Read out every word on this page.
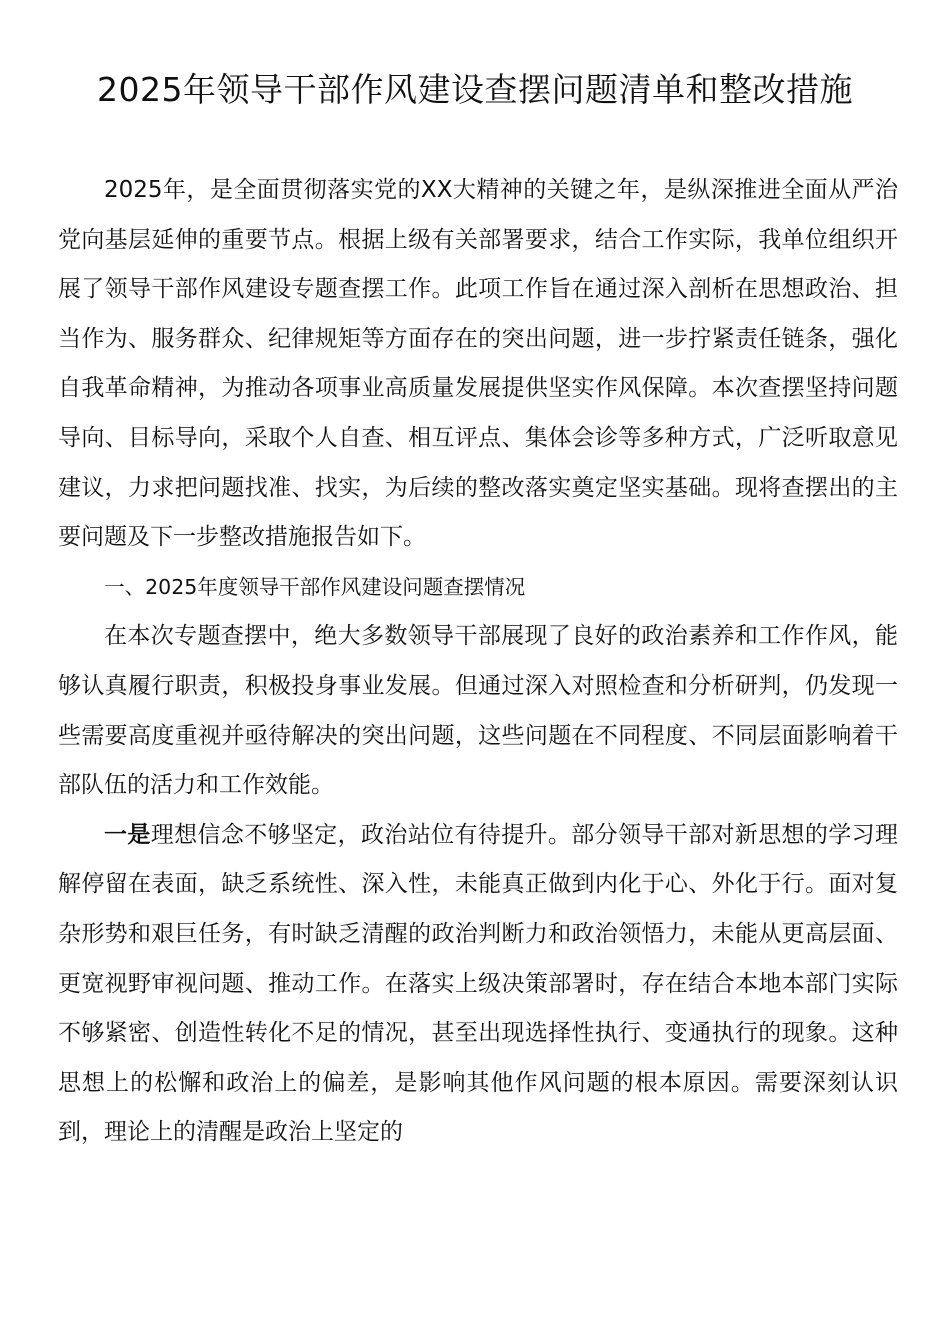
2025年领导干部作风建设查摆问题清单和整改措施

2025年，是全面贯彻落实党的XX大精神的关键之年，是纵深推进全面从严治党向基层延伸的重要节点。根据上级有关部署要求，结合工作实际，我单位组织开展了领导干部作风建设专题查摆工作。此项工作旨在通过深入剖析在思想政治、担当作为、服务群众、纪律规矩等方面存在的突出问题，进一步拧紧责任链条，强化自我革命精神，为推动各项事业高质量发展提供坚实作风保障。本次查摆坚持问题导向、目标导向，采取个人自查、相互评点、集体会诊等多种方式，广泛听取意见建议，力求把问题找准、找实，为后续的整改落实奠定坚实基础。现将查摆出的主要问题及下一步整改措施报告如下。

一、2025年度领导干部作风建设问题查摆情况

在本次专题查摆中，绝大多数领导干部展现了良好的政治素养和工作作风，能够认真履行职责，积极投身事业发展。但通过深入对照检查和分析研判，仍发现一些需要高度重视并亟待解决的突出问题，这些问题在不同程度、不同层面影响着干部队伍的活力和工作效能。

一是理想信念不够坚定，政治站位有待提升。部分领导干部对新思想的学习理解停留在表面，缺乏系统性、深入性，未能真正做到内化于心、外化于行。面对复杂形势和艰巨任务，有时缺乏清醒的政治判断力和政治领悟力，未能从更高层面、更宽视野审视问题、推动工作。在落实上级决策部署时，存在结合本地本部门实际不够紧密、创造性转化不足的情况，甚至出现选择性执行、变通执行的现象。这种思想上的松懈和政治上的偏差，是影响其他作风问题的根本原因。需要深刻认识到，理论上的清醒是政治上坚定的
